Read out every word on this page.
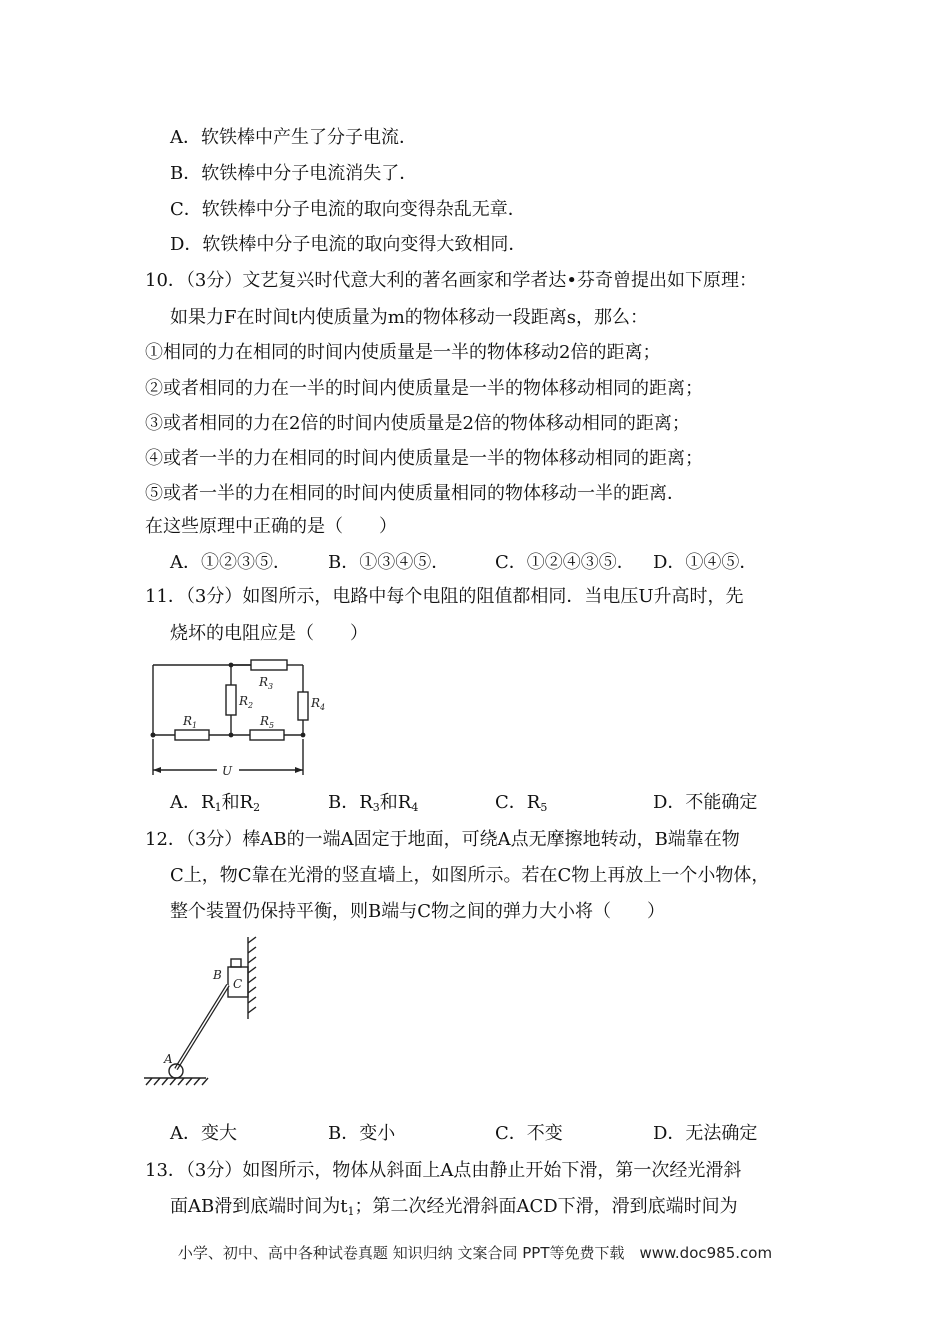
A．软铁棒中产生了分子电流．
B．软铁棒中分子电流消失了．
C．软铁棒中分子电流的取向变得杂乱无章．
D．软铁棒中分子电流的取向变得大致相同．
10．（3分）文艺复兴时代意大利的著名画家和学者达•芬奇曾提出如下原理：
如果力F在时间t内使质量为m的物体移动一段距离s，那么：
①相同的力在相同的时间内使质量是一半的物体移动2倍的距离；
②或者相同的力在一半的时间内使质量是一半的物体移动相同的距离；
③或者相同的力在2倍的时间内使质量是2倍的物体移动相同的距离；
④或者一半的力在相同的时间内使质量是一半的物体移动相同的距离；
⑤或者一半的力在相同的时间内使质量相同的物体移动一半的距离．
在这些原理中正确的是（　　）
A．①②③⑤． B．①③④⑤．	C．①②④③⑤． D．①④⑤．
11．（3分）如图所示，电路中每个电阻的阻值都相同．当电压U升高时，先
烧坏的电阻应是（　　）
$R_1$
$R_2$
$R_3$
$R_4$
$R_5$
U
A．$R_1$和$R_2$	B．$R_3$和$R_4$	C．$R_5$	D．不能确定
12．（3分）棒AB的一端A固定于地面，可绕A点无摩擦地转动，B端靠在物
C上，物C靠在光滑的竖直墙上，如图所示。若在C物上再放上一个小物体，
整个装置仍保持平衡，则B端与C物之间的弹力大小将（　　）
A
B
C
A．变大	B．变小	C．不变	D．无法确定
13．（3分）如图所示，物体从斜面上A点由静止开始下滑，第一次经光滑斜
面AB滑到底端时间为$t_1$；第二次经光滑斜面ACD下滑，滑到底端时间为
小学、初中、高中各种试卷真题 知识归纳 文案合同 PPT等免费下载　www.doc985.com
